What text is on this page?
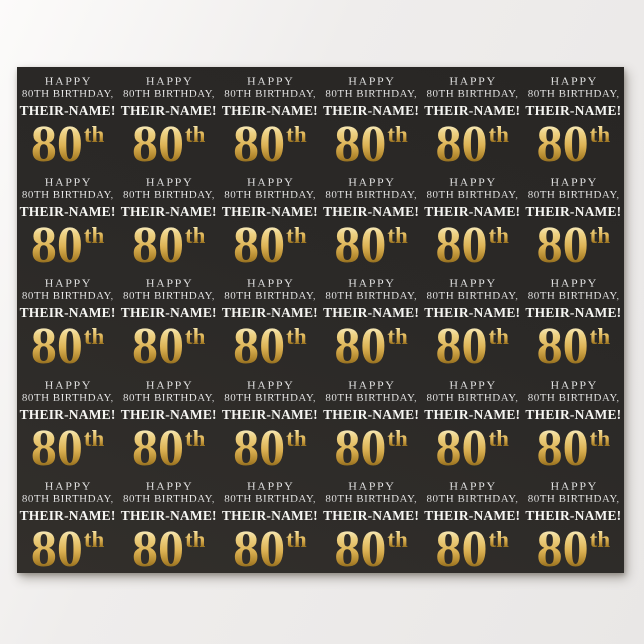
HAPPY
80TH BIRTHDAY,
THEIR-NAME!
80 th
HAPPY
80TH BIRTHDAY,
THEIR-NAME!
80 th
HAPPY
80TH BIRTHDAY,
THEIR-NAME!
80 th
HAPPY
80TH BIRTHDAY,
THEIR-NAME!
80 th
HAPPY
80TH BIRTHDAY,
THEIR-NAME!
80 th
HAPPY
80TH BIRTHDAY,
THEIR-NAME!
80 th
HAPPY
80TH BIRTHDAY,
THEIR-NAME!
80 th
HAPPY
80TH BIRTHDAY,
THEIR-NAME!
80 th
HAPPY
80TH BIRTHDAY,
THEIR-NAME!
80 th
HAPPY
80TH BIRTHDAY,
THEIR-NAME!
80 th
HAPPY
80TH BIRTHDAY,
THEIR-NAME!
80 th
HAPPY
80TH BIRTHDAY,
THEIR-NAME!
80 th
HAPPY
80TH BIRTHDAY,
THEIR-NAME!
80 th
HAPPY
80TH BIRTHDAY,
THEIR-NAME!
80 th
HAPPY
80TH BIRTHDAY,
THEIR-NAME!
80 th
HAPPY
80TH BIRTHDAY,
THEIR-NAME!
80 th
HAPPY
80TH BIRTHDAY,
THEIR-NAME!
80 th
HAPPY
80TH BIRTHDAY,
THEIR-NAME!
80 th
HAPPY
80TH BIRTHDAY,
THEIR-NAME!
80 th
HAPPY
80TH BIRTHDAY,
THEIR-NAME!
80 th
HAPPY
80TH BIRTHDAY,
THEIR-NAME!
80 th
HAPPY
80TH BIRTHDAY,
THEIR-NAME!
80 th
HAPPY
80TH BIRTHDAY,
THEIR-NAME!
80 th
HAPPY
80TH BIRTHDAY,
THEIR-NAME!
80 th
HAPPY
80TH BIRTHDAY,
THEIR-NAME!
80 th
HAPPY
80TH BIRTHDAY,
THEIR-NAME!
80 th
HAPPY
80TH BIRTHDAY,
THEIR-NAME!
80 th
HAPPY
80TH BIRTHDAY,
THEIR-NAME!
80 th
HAPPY
80TH BIRTHDAY,
THEIR-NAME!
80 th
HAPPY
80TH BIRTHDAY,
THEIR-NAME!
80 th
